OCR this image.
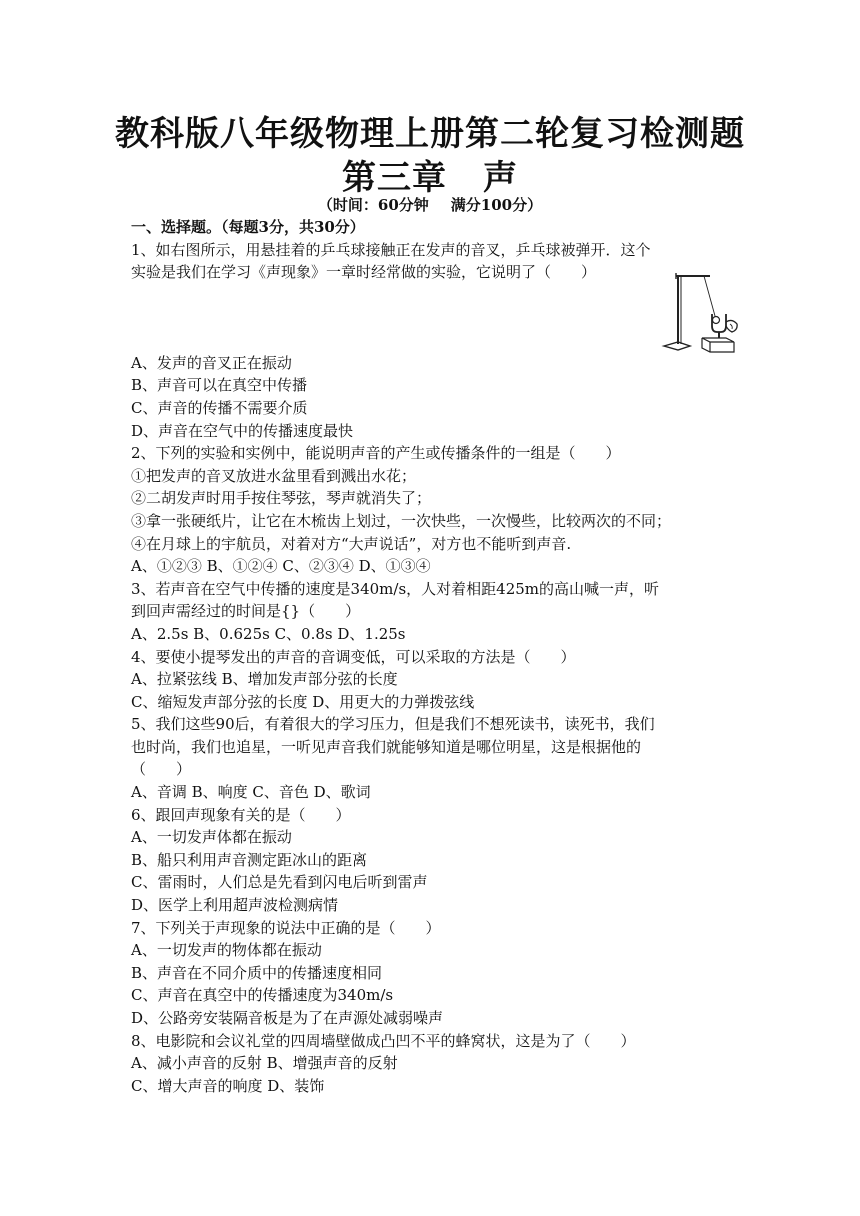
教科版八年级物理上册第二轮复习检测题
第三章 声
（时间：60分钟 满分100分）
一、选择题。（每题3分，共30分）
1、如右图所示，用悬挂着的乒乓球接触正在发声的音叉，乒乓球被弹开．这个
实验是我们在学习《声现象》一章时经常做的实验，它说明了（　　）
A、发声的音叉正在振动
B、声音可以在真空中传播
C、声音的传播不需要介质
D、声音在空气中的传播速度最快
2、下列的实验和实例中，能说明声音的产生或传播条件的一组是（　　）
①把发声的音叉放进水盆里看到溅出水花；
②二胡发声时用手按住琴弦，琴声就消失了；
③拿一张硬纸片，让它在木梳齿上划过，一次快些，一次慢些，比较两次的不同；
④在月球上的宇航员，对着对方“大声说话”，对方也不能听到声音.
A、①②③ B、①②④ C、②③④ D、①③④
3、若声音在空气中传播的速度是340m/s，人对着相距425m的高山喊一声，听
到回声需经过的时间是{}（　　）
A、2.5s B、0.625s C、0.8s D、1.25s
4、要使小提琴发出的声音的音调变低，可以采取的方法是（　　）
A、拉紧弦线 B、增加发声部分弦的长度
C、缩短发声部分弦的长度 D、用更大的力弹拨弦线
5、我们这些90后，有着很大的学习压力，但是我们不想死读书，读死书，我们
也时尚，我们也追星，一听见声音我们就能够知道是哪位明星，这是根据他的
（　　）
A、音调 B、响度 C、音色 D、歌词
6、跟回声现象有关的是（　　）
A、一切发声体都在振动
B、船只利用声音测定距冰山的距离
C、雷雨时，人们总是先看到闪电后听到雷声
D、医学上利用超声波检测病情
7、下列关于声现象的说法中正确的是（　　）
A、一切发声的物体都在振动
B、声音在不同介质中的传播速度相同
C、声音在真空中的传播速度为340m/s
D、公路旁安装隔音板是为了在声源处减弱噪声
8、电影院和会议礼堂的四周墙壁做成凸凹不平的蜂窝状，这是为了（　　）
A、减小声音的反射 B、增强声音的反射
C、增大声音的响度 D、装饰
